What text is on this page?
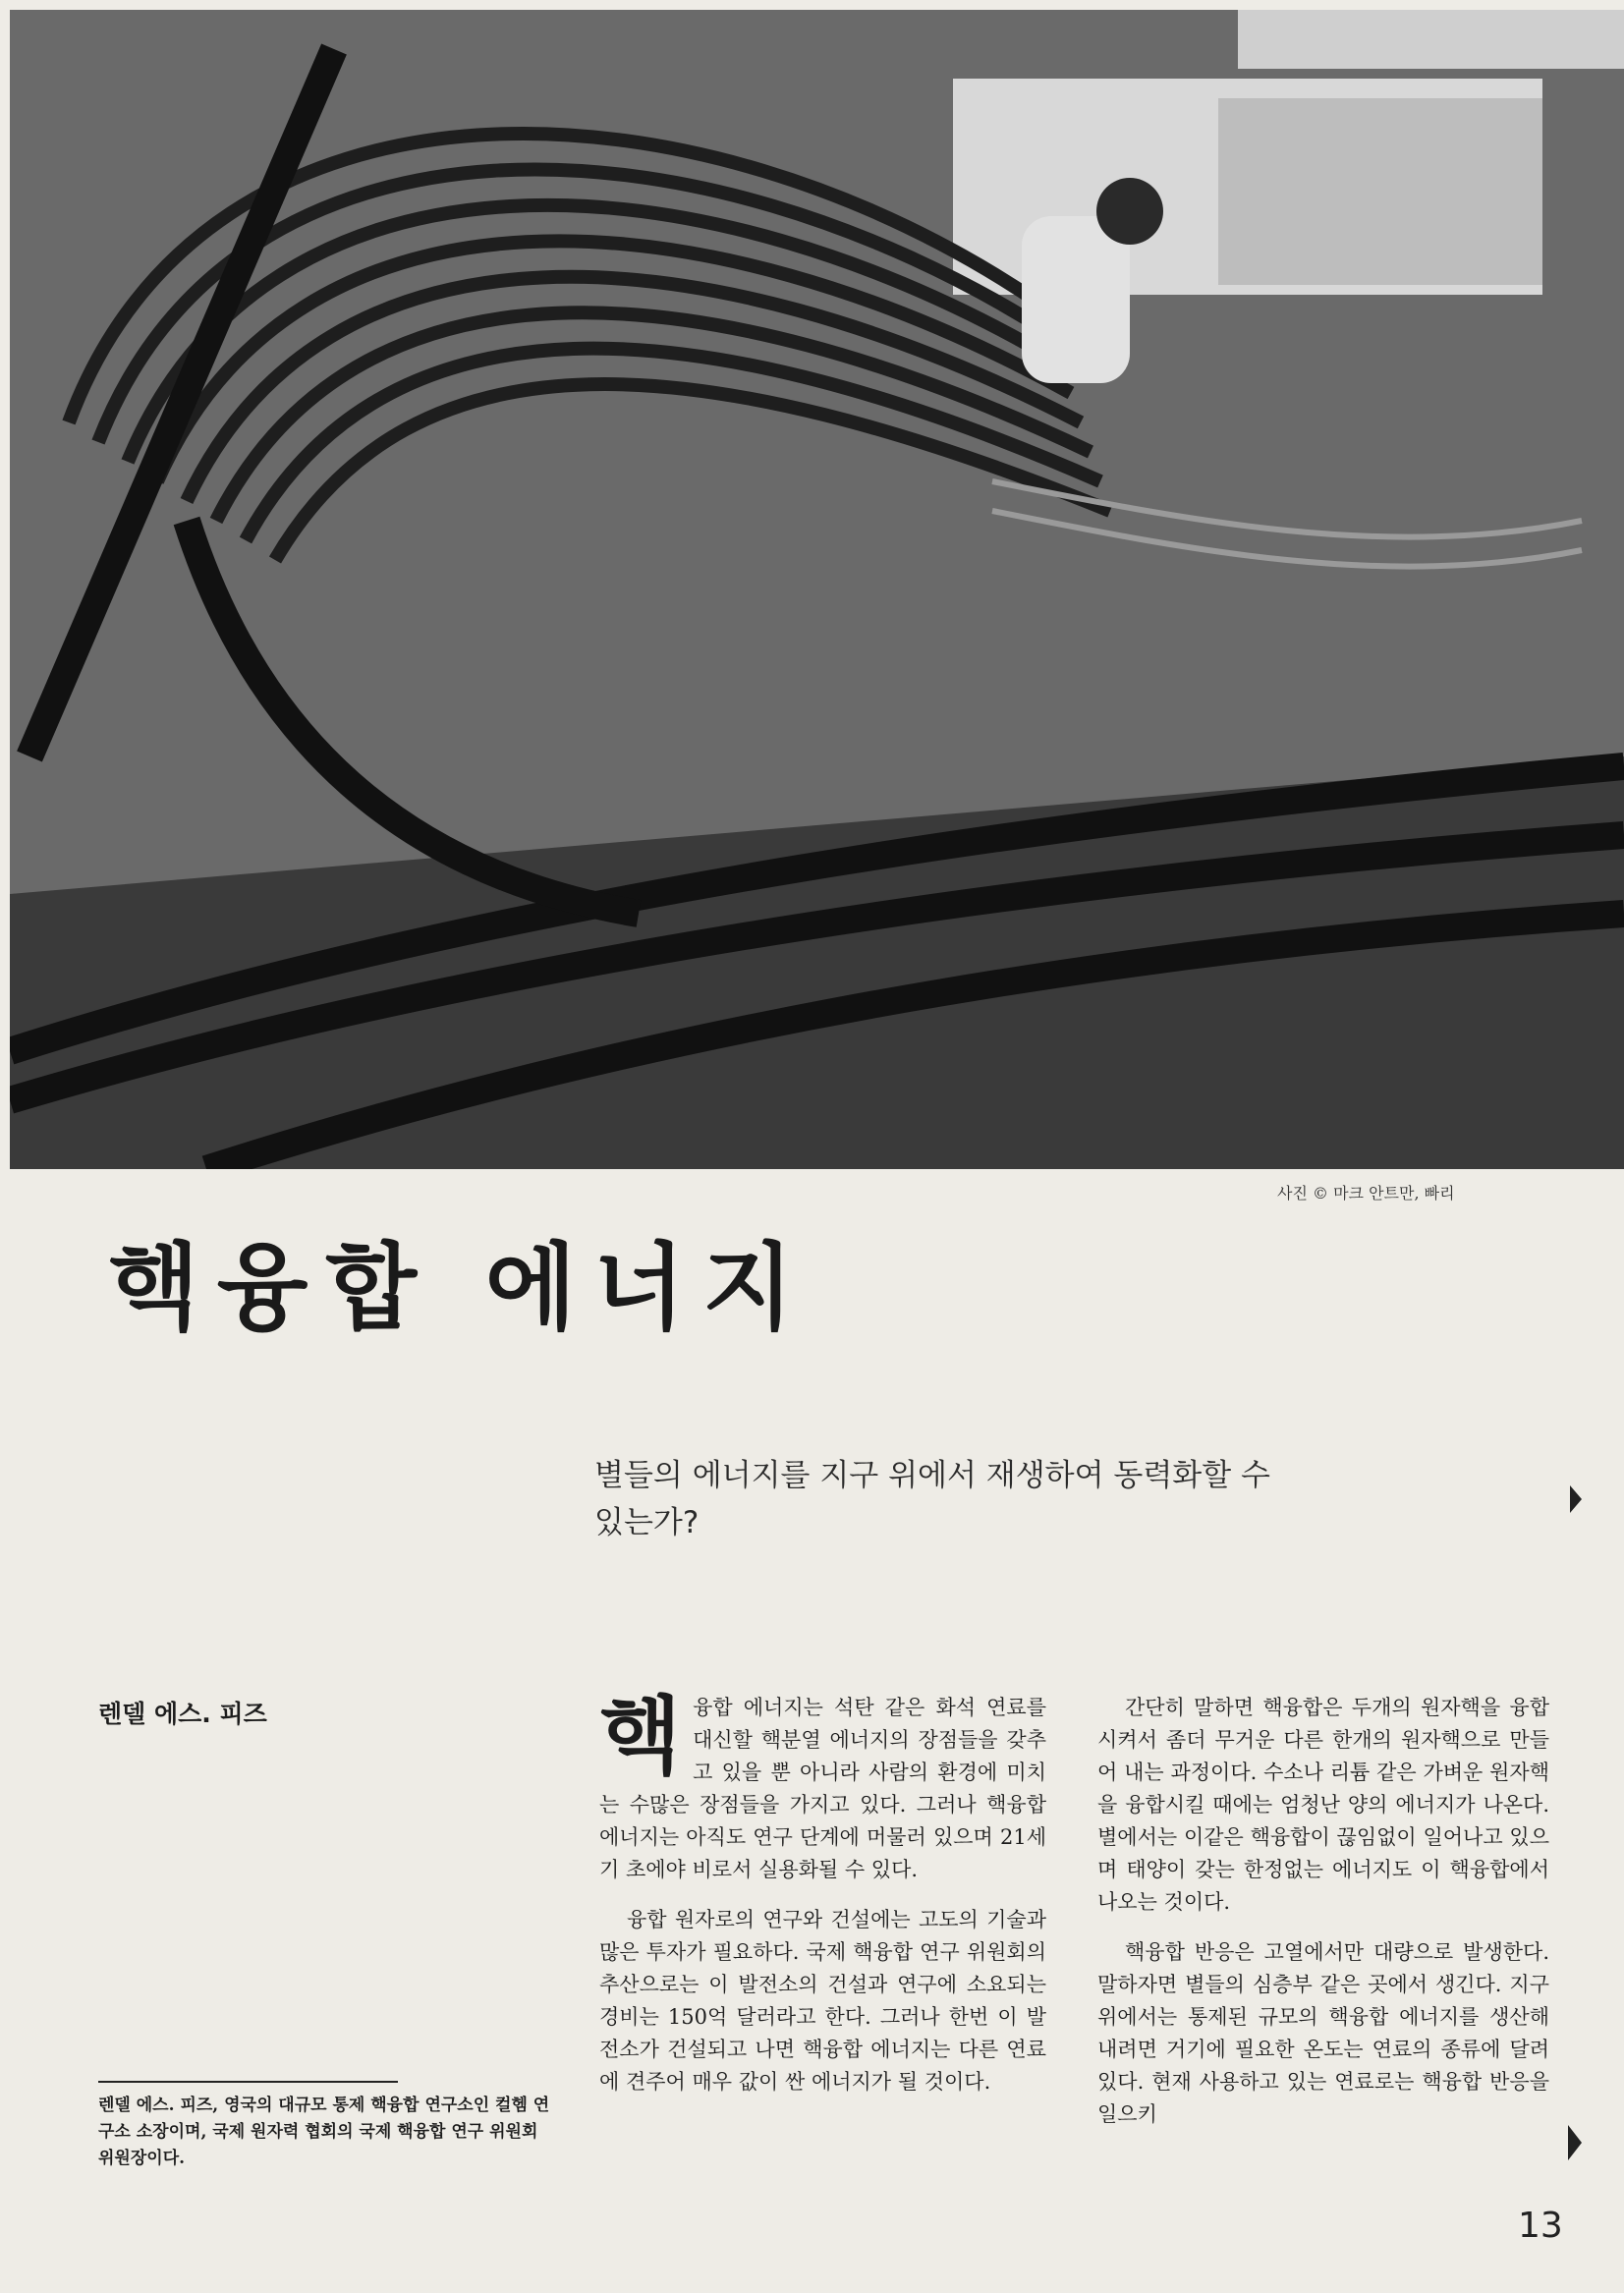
사진 © 마크 안트만, 빠리
핵융합 에너지
별들의 에너지를 지구 위에서 재생하여 동력화할 수 있는가?
렌델 에스. 피즈

렌델 에스. 피즈, 영국의 대규모 통제 핵융합 연구소인 컬헴 연구소 소장이며, 국제 원자력 협회의 국제 핵융합 연구 위원회 위원장이다.

핵융합 에너지는 석탄 같은 화석 연료를 대신할 핵분열 에너지의 장점들을 갖추고 있을 뿐 아니라 사람의 환경에 미치는 수많은 장점들을 가지고 있다. 그러나 핵융합 에너지는 아직도 연구 단계에 머물러 있으며 21세기 초에야 비로서 실용화될 수 있다.

융합 원자로의 연구와 건설에는 고도의 기술과 많은 투자가 필요하다. 국제 핵융합 연구 위원회의 추산으로는 이 발전소의 건설과 연구에 소요되는 경비는 150억 달러라고 한다. 그러나 한번 이 발전소가 건설되고 나면 핵융합 에너지는 다른 연료에 견주어 매우 값이 싼 에너지가 될 것이다.

간단히 말하면 핵융합은 두개의 원자핵을 융합시켜서 좀더 무거운 다른 한개의 원자핵으로 만들어 내는 과정이다. 수소나 리튬 같은 가벼운 원자핵을 융합시킬 때에는 엄청난 양의 에너지가 나온다. 별에서는 이같은 핵융합이 끊임없이 일어나고 있으며 태양이 갖는 한정없는 에너지도 이 핵융합에서 나오는 것이다.

핵융합 반응은 고열에서만 대량으로 발생한다. 말하자면 별들의 심층부 같은 곳에서 생긴다. 지구 위에서는 통제된 규모의 핵융합 에너지를 생산해 내려면 거기에 필요한 온도는 연료의 종류에 달려있다. 현재 사용하고 있는 연료로는 핵융합 반응을 일으키

13
